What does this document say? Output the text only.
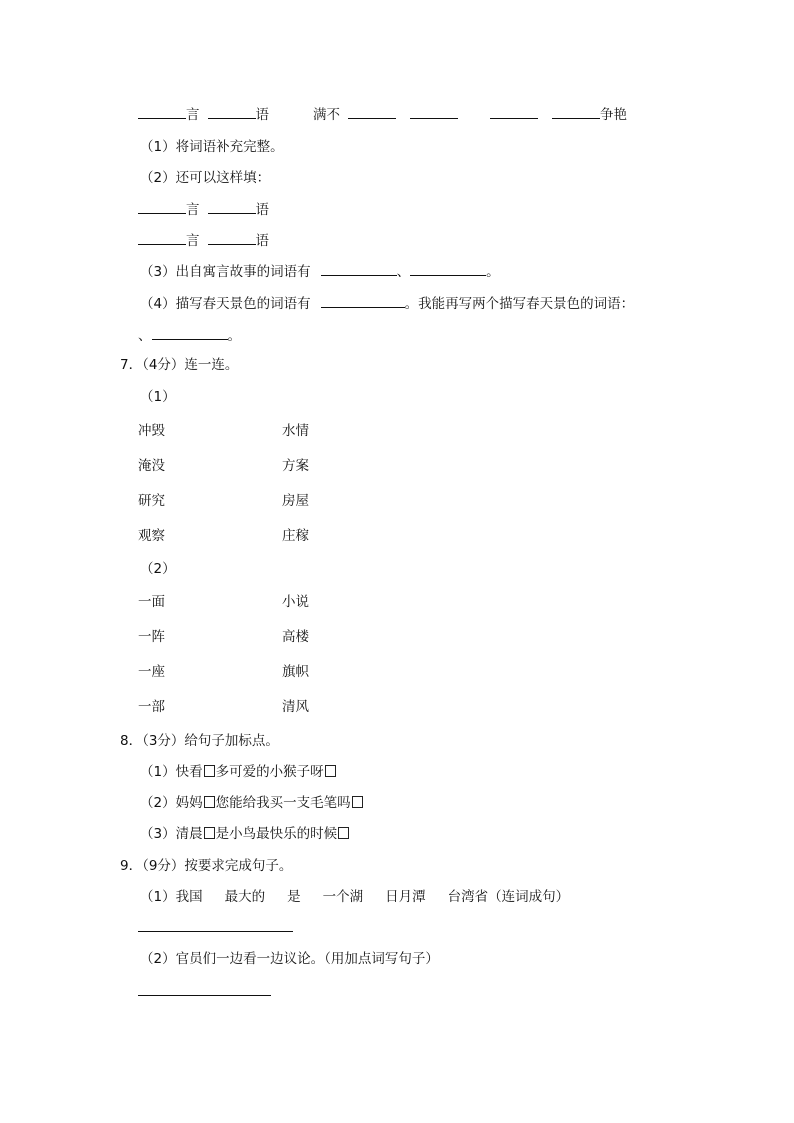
言	语	满不	争艳
（1）将词语补充完整。
（2）还可以这样填：
言	语
言	语
（3）出自寓言故事的词语有	、	。
（4）描写春天景色的词语有	。我能再写两个描写春天景色的词语：
、	。
7．（4分）连一连。
（1）
冲毁	水情
淹没	方案
研究	房屋
观察	庄稼
（2）
一面	小说
一阵	高楼
一座	旗帜
一部	清风
8．（3分）给句子加标点。
（1）快看 多可爱的小猴子呀
（2）妈妈 您能给我买一支毛笔吗
（3）清晨 是小鸟最快乐的时候
9．（9分）按要求完成句子。
（1）我国 最大的 是 一个湖 日月潭 台湾省（连词成句）
（2）官员们一边看一边议论。（用加点词写句子）
